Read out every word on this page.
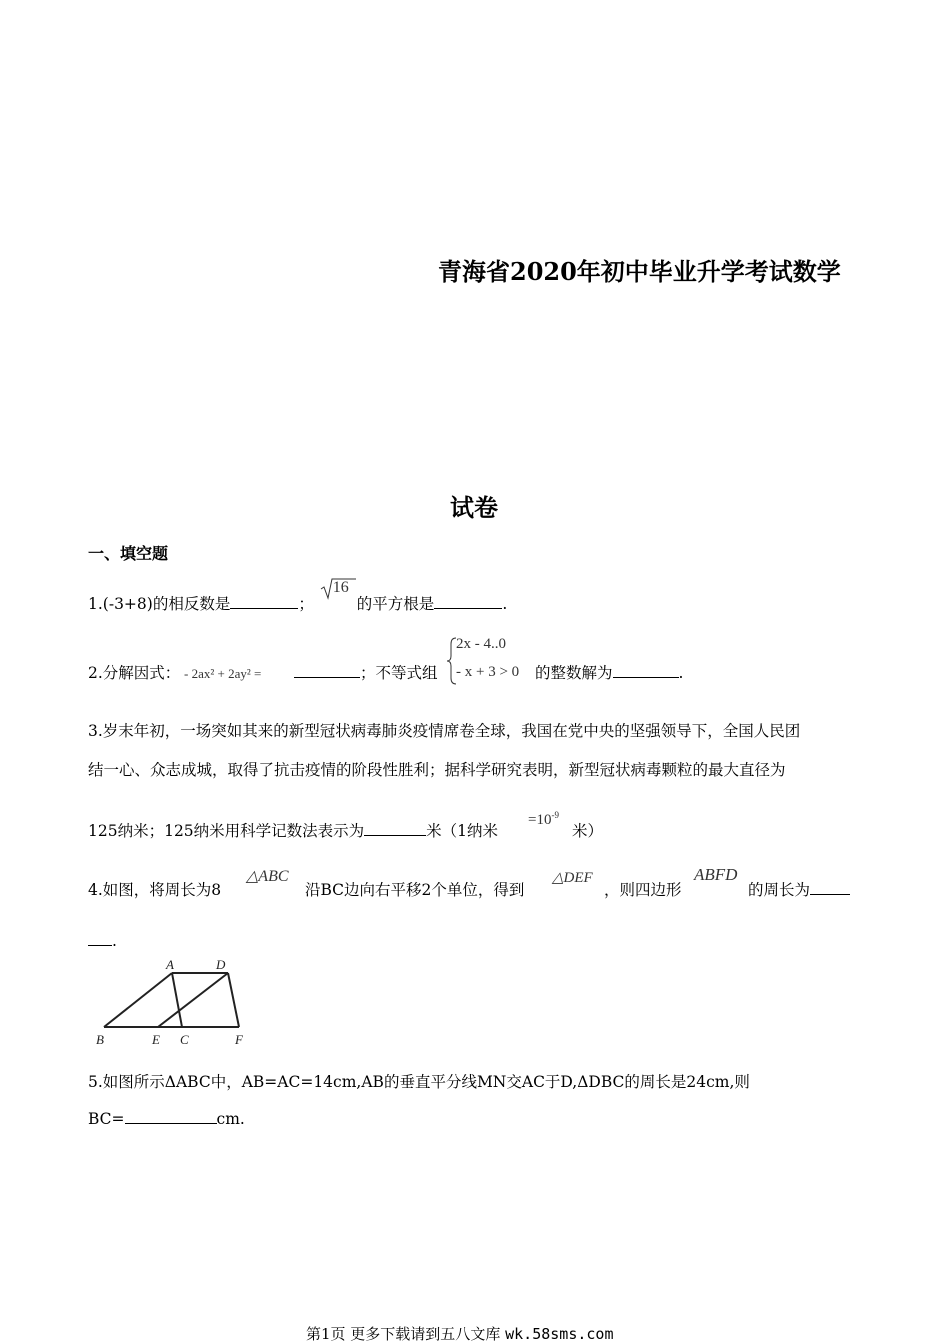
青海省2020年初中毕业升学考试数学
试卷
一、填空题
1.(-3+8)的相反数是	；
16
的平方根是	.
2.分解因式： - 2ax² + 2ay² =	；不等式组
2x - 4..0
- x + 3 > 0 的整数解为	.
3.岁末年初，一场突如其来的新型冠状病毒肺炎疫情席卷全球，我国在党中央的坚强领导下，全国人民团
结一心、众志成城，取得了抗击疫情的阶段性胜利；据科学研究表明，新型冠状病毒颗粒的最大直径为
125纳米；125纳米用科学记数法表示为	米（1纳米
$=10^{-9}$
米）
4.如图，将周长为8
△ABC
沿BC边向右平移2个单位，得到
△DEF
，则四边形
ABFD
的周长为
.
A	D
B	E C	F
5.如图所示ΔABC中，AB=AC=14cm,AB的垂直平分线MN交AC于D,ΔDBC的周长是24cm,则
BC=	cm.
第1页 更多下载请到五八文库 wk.58sms.com
